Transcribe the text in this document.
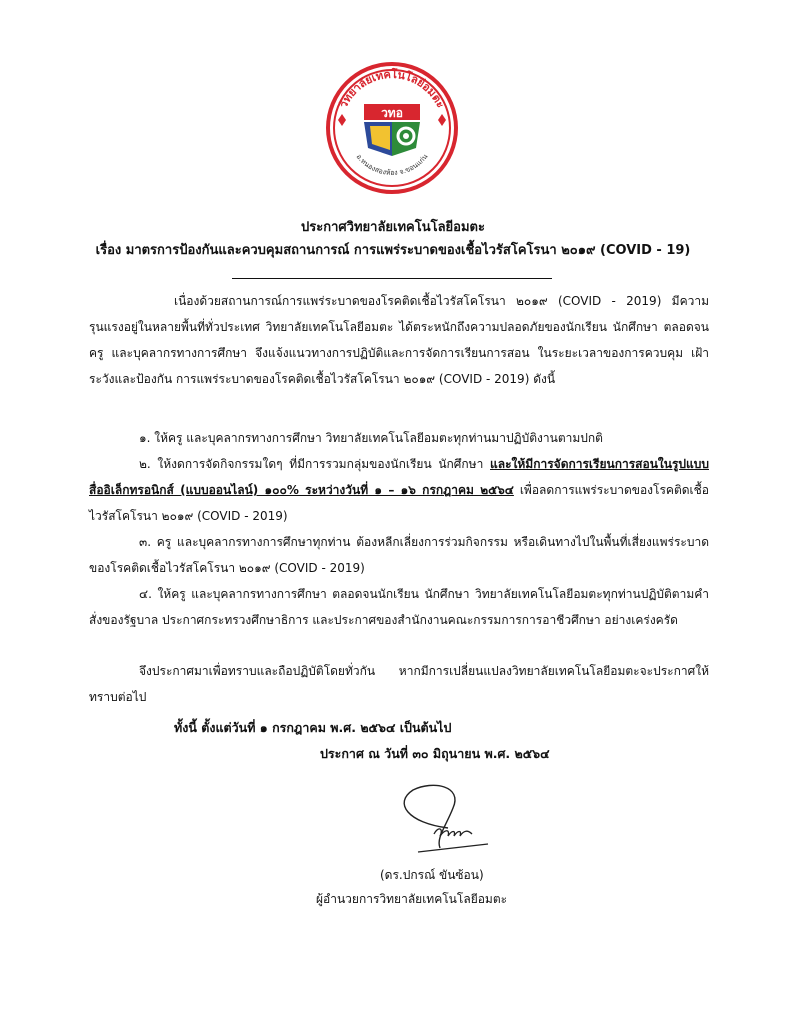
วิทยาลัยเทคโนโลยีอมตะ
อ.หนองสองห้อง จ.ขอนแก่น
วทอ
ประกาศวิทยาลัยเทคโนโลยีอมตะ
เรื่อง มาตรการป้องกันและควบคุมสถานการณ์ การแพร่ระบาดของเชื้อไวรัสโคโรนา ๒๐๑๙ (COVID - 19)

เนื่องด้วยสถานการณ์การแพร่ระบาดของโรคติดเชื้อไวรัสโคโรนา ๒๐๑๙ (COVID - 2019) มีความรุนแรงอยู่ในหลายพื้นที่ทั่วประเทศ วิทยาลัยเทคโนโลยีอมตะ ได้ตระหนักถึงความปลอดภัยของนักเรียน นักศึกษา ตลอดจนครู และบุคลากรทางการศึกษา จึงแจ้งแนวทางการปฏิบัติและการจัดการเรียนการสอน ในระยะเวลาของการควบคุม เฝ้าระวังและป้องกัน การแพร่ระบาดของโรคติดเชื้อไวรัสโคโรนา ๒๐๑๙ (COVID - 2019) ดังนี้

๑. ให้ครู และบุคลากรทางการศึกษา วิทยาลัยเทคโนโลยีอมตะทุกท่านมาปฏิบัติงานตามปกติ

๒. ให้งดการจัดกิจกรรมใดๆ ที่มีการรวมกลุ่มของนักเรียน นักศึกษา และให้มีการจัดการเรียนการสอนในรูปแบบสื่ออิเล็กทรอนิกส์ (แบบออนไลน์) ๑๐๐% ระหว่างวันที่ ๑ – ๑๖ กรกฎาคม ๒๕๖๔ เพื่อลดการแพร่ระบาดของโรคติดเชื้อไวรัสโคโรนา ๒๐๑๙ (COVID - 2019)

๓. ครู และบุคลากรทางการศึกษาทุกท่าน ต้องหลีกเลี่ยงการร่วมกิจกรรม หรือเดินทางไปในพื้นที่เสี่ยงแพร่ระบาดของโรคติดเชื้อไวรัสโคโรนา ๒๐๑๙ (COVID - 2019)

๔. ให้ครู และบุคลากรทางการศึกษา ตลอดจนนักเรียน นักศึกษา วิทยาลัยเทคโนโลยีอมตะทุกท่านปฏิบัติตามคำสั่งของรัฐบาล ประกาศกระทรวงศึกษาธิการ และประกาศของสำนักงานคณะกรรมการการอาชีวศึกษา อย่างเคร่งครัด

จึงประกาศมาเพื่อทราบและถือปฏิบัติโดยทั่วกัน หากมีการเปลี่ยนแปลงวิทยาลัยเทคโนโลยีอมตะจะประกาศให้ทราบต่อไป

ทั้งนี้ ตั้งแต่วันที่ ๑ กรกฎาคม พ.ศ. ๒๕๖๔ เป็นต้นไป
ประกาศ ณ วันที่ ๓๐ มิถุนายน พ.ศ. ๒๕๖๔
(ดร.ปกรณ์ ขันซ้อน)
ผู้อำนวยการวิทยาลัยเทคโนโลยีอมตะ
